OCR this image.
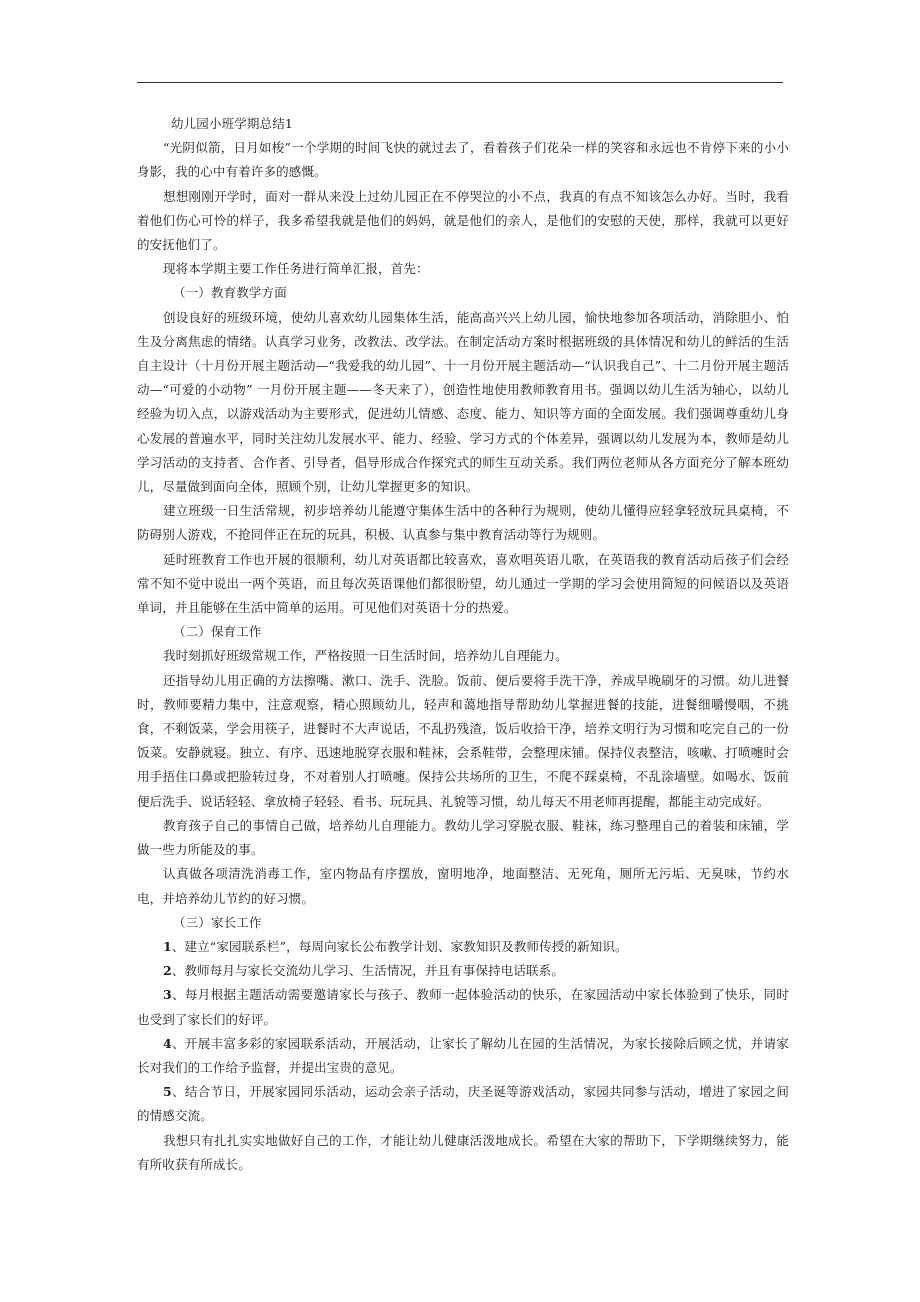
幼儿园小班学期总结1

“光阴似箭，日月如梭”一个学期的时间飞快的就过去了，看着孩子们花朵一样的笑容和永远也不肯停下来的小小身影，我的心中有着许多的感慨。

想想刚刚开学时，面对一群从来没上过幼儿园正在不停哭泣的小不点，我真的有点不知该怎么办好。当时，我看着他们伤心可怜的样子，我多希望我就是他们的妈妈，就是他们的亲人，是他们的安慰的天使，那样，我就可以更好的安抚他们了。

现将本学期主要工作任务进行简单汇报，首先：

（一）教育教学方面

创设良好的班级环境，使幼儿喜欢幼儿园集体生活，能高高兴兴上幼儿园，愉快地参加各项活动，消除胆小、怕生及分离焦虑的情绪。认真学习业务，改教法、改学法。在制定活动方案时根据班级的具体情况和幼儿的鲜活的生活自主设计（十月份开展主题活动—“我爱我的幼儿园”、十一月份开展主题活动—“认识我自己”、十二月份开展主题活动—“可爱的小动物” 一月份开展主题——冬天来了），创造性地使用教师教育用书。强调以幼儿生活为轴心，以幼儿经验为切入点，以游戏活动为主要形式，促进幼儿情感、态度、能力、知识等方面的全面发展。我们强调尊重幼儿身心发展的普遍水平，同时关注幼儿发展水平、能力、经验、学习方式的个体差异，强调以幼儿发展为本，教师是幼儿学习活动的支持者、合作者、引导者，倡导形成合作探究式的师生互动关系。我们两位老师从各方面充分了解本班幼儿，尽量做到面向全体，照顾个别，让幼儿掌握更多的知识。

建立班级一日生活常规，初步培养幼儿能遵守集体生活中的各种行为规则，使幼儿懂得应轻拿轻放玩具桌椅，不防碍别人游戏，不抢同伴正在玩的玩具，积极、认真参与集中教育活动等行为规则。

延时班教育工作也开展的很顺利，幼儿对英语都比较喜欢，喜欢唱英语儿歌，在英语我的教育活动后孩子们会经常不知不觉中说出一两个英语，而且每次英语课他们都很盼望，幼儿通过一学期的学习会使用简短的问候语以及英语单词，并且能够在生活中简单的运用。可见他们对英语十分的热爱。

（二）保育工作

我时刻抓好班级常规工作，严格按照一日生活时间，培养幼儿自理能力。

还指导幼儿用正确的方法擦嘴、漱口、洗手、洗脸。饭前、便后要将手洗干净，养成早晚刷牙的习惯。幼儿进餐时，教师要精力集中，注意观察，精心照顾幼儿，轻声和蔼地指导帮助幼儿掌握进餐的技能，进餐细嚼慢咽，不挑食，不剩饭菜，学会用筷子，进餐时不大声说话，不乱扔残渣，饭后收拾干净，培养文明行为习惯和吃完自己的一份饭菜。安静就寝。独立、有序、迅速地脱穿衣服和鞋袜，会系鞋带，会整理床铺。保持仪表整洁，咳嗽、打喷嚏时会用手捂住口鼻或把脸转过身，不对着别人打喷嚏。保持公共场所的卫生，不爬不踩桌椅，不乱涂墙壁。如喝水、饭前便后洗手、说话轻轻、拿放椅子轻轻、看书、玩玩具、礼貌等习惯，幼儿每天不用老师再提醒，都能主动完成好。

教育孩子自己的事情自己做，培养幼儿自理能力。教幼儿学习穿脱衣服、鞋袜，练习整理自己的着装和床铺，学做一些力所能及的事。

认真做各项清洗消毒工作，室内物品有序摆放，窗明地净，地面整洁、无死角，厕所无污垢、无臭味，节约水电，并培养幼儿节约的好习惯。

（三）家长工作

1、建立“家园联系栏”，每周向家长公布教学计划、家教知识及教师传授的新知识。

2、教师每月与家长交流幼儿学习、生活情况，并且有事保持电话联系。

3、每月根据主题活动需要邀请家长与孩子、教师一起体验活动的快乐，在家园活动中家长体验到了快乐，同时也受到了家长们的好评。

4、开展丰富多彩的家园联系活动，开展活动，让家长了解幼儿在园的生活情况，为家长接除后顾之忧，并请家长对我们的工作给予监督，并提出宝贵的意见。

5、结合节日，开展家园同乐活动，运动会亲子活动，庆圣诞等游戏活动，家园共同参与活动，增进了家园之间的情感交流。

我想只有扎扎实实地做好自己的工作，才能让幼儿健康活泼地成长。希望在大家的帮助下，下学期继续努力，能有所收获有所成长。
